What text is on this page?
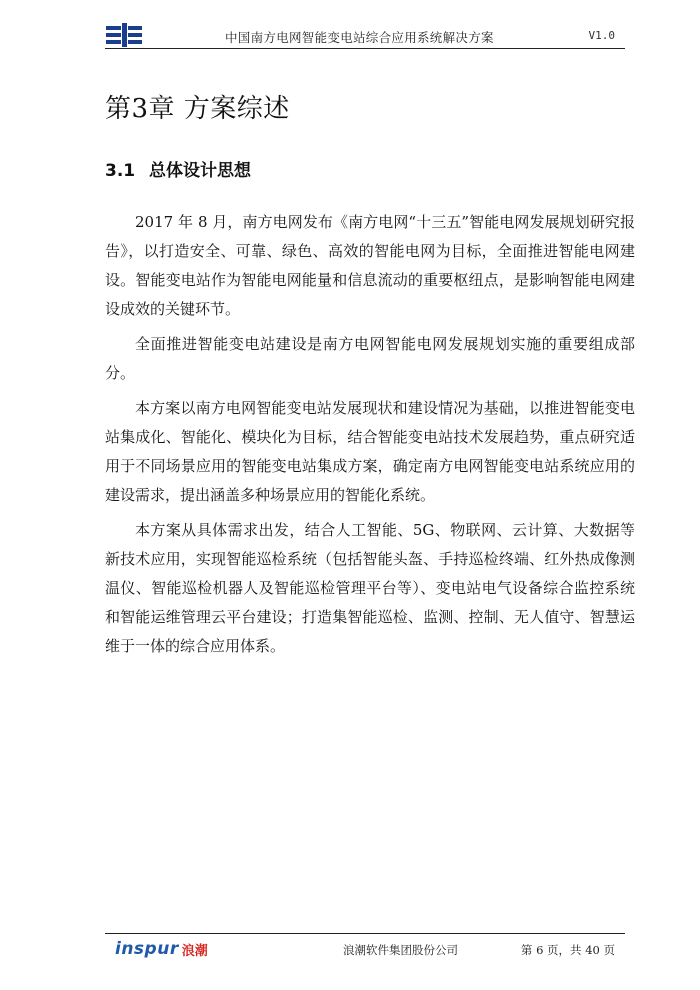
中国南方电网智能变电站综合应用系统解决方案	V1.0
第3章 方案综述
3.1 总体设计思想

2017 年 8 月，南方电网发布《南方电网“十三五”智能电网发展规划研究报告》，以打造安全、可靠、绿色、高效的智能电网为目标，全面推进智能电网建设。智能变电站作为智能电网能量和信息流动的重要枢纽点，是影响智能电网建设成效的关键环节。

全面推进智能变电站建设是南方电网智能电网发展规划实施的重要组成部分。

本方案以南方电网智能变电站发展现状和建设情况为基础，以推进智能变电站集成化、智能化、模块化为目标，结合智能变电站技术发展趋势，重点研究适用于不同场景应用的智能变电站集成方案，确定南方电网智能变电站系统应用的建设需求，提出涵盖多种场景应用的智能化系统。

本方案从具体需求出发，结合人工智能、5G、物联网、云计算、大数据等新技术应用，实现智能巡检系统（包括智能头盔、手持巡检终端、红外热成像测温仪、智能巡检机器人及智能巡检管理平台等）、变电站电气设备综合监控系统和智能运维管理云平台建设；打造集智能巡检、监测、控制、无人值守、智慧运维于一体的综合应用体系。

inspur 浪潮	浪潮软件集团股份公司	第 6 页，共 40 页
